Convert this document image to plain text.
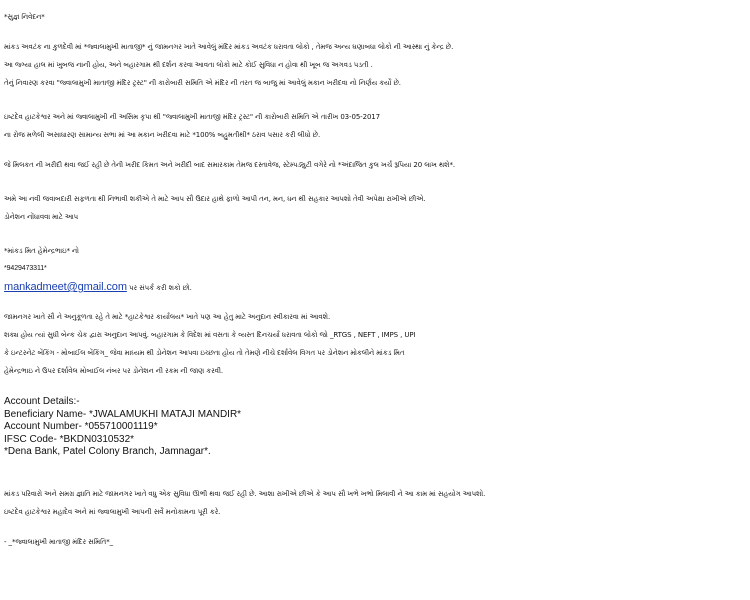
*સુજ્ઞ નિવેદન*
માંકડ અવટંક ના કુળદેવી માં *જ્વાલામુખી માતાજી* નું જામનગર ખાતે આવેલું મંદિર માંકડ અવટંક ધરાવતા લોકો , તેમજ અન્ય ઘણાબધા લોકો ની આસ્થા નું કેન્દ્ર છે.
આ જ્ગ્યા હાલ માં ખુબજ નાની હોય, અને બહારગામ થી દર્શન કરવા આવતા લોકો માટે કોઈ સુવિધા ન હોવા થી ખૂબ જ અગવડ પડતી .
તેનું નિવારણ કરવા "જ્વાલામુખી માતાજી મંદિર ટ્રસ્ટ" ની કારોબારી સમિતિ એ મંદિર ની તરત જ બાજુ માં આવેલું મકાન ખરીદવા નો નિર્ણય કર્યો છે.
ઇષ્ટદેવ હાટકેશ્વર અને માં જ્વાલામુખી ની અસિમ કૃપા થી "જ્વાલામુખી માતાજી મંદિર ટ્રસ્ટ" ની કારોબારી સમિતિ એ તારીખ 03-05-2017
ના રોજ મળેલી અસાધારણ સામાન્ય સભા માં આ મકાન ખરીદવા માટે *100% બહુમતીથી* ઠરાવ પસાર કરી લીધો છે.
જે મિલકત ની ખરીદી થવા જઈ રહી છે તેની ખરીદ કિમત અને ખરીદી બાદ સમારકામ તેમજ દસ્તાવેજ, સ્ટેમ્પડ્યુટી વગેરે નો *અંદાજિત કુલ ખર્ચ રૂપિયા 20 લાખ થશે*.
અમે આ નવી જવાબદારી સફળતા થી નિભાવી શકીએ તે માટે આપ સૌ ઉદાર હાથે ફાળો આપી તન, મન, ધન થી સહકાર આપશો તેવી અપેક્ષા રાખીએ છીએ.
ડોનેશન નોંધાવવા માટે આપ
*માંકડ મિત હેમેન્દ્રભાઇ* નો
*9429473311*
mankadmeet@gmail.com પર સંપર્ક કરી શકો છો.
જામનગર ખાતે સૌ ને અનુકૂળતા રહે તે માટે *હાટકેશ્વર કાર્યાલય* ખાતે પણ આ હેતુ માટે અનુદાન સ્વીકારવા માં આવશે.
શક્ય હોય ત્યાં સુધી બેન્ક ચેક દ્વારા અનુદાન આપવું. બહારગામ કે વિદેશ માં વસતા કે વ્યસ્ત દિનચર્યા ધરાવતા લોકો જો _RTGS , NEFT , IMPS , UPI
કે ઇન્ટરનેટ બેંકિંગ - મોબાઈલ બેંકિંગ_ જેવા માધ્યમ થી ડોનેશન આપવા ઇચ્છતા હોય તો તેમણે નીચે દર્શાવેલ વિગત પર ડોનેશન મોકલીને માંકડ મિત
હેમેન્દ્રભાઇ ને ઉપર દર્શાવેલ મોબાઈલ નંબર પર ડોનેશન ની રકમ ની જાણ કરવી.
Account Details:-
Beneficiary Name- *JWALAMUKHI MATAJI MANDIR*
Account Number- *055710001119*
IFSC Code- *BKDN0310532*
*Dena Bank, Patel Colony Branch, Jamnagar*.
માંકડ પરિવારો અને સમગ્ર જ્ઞાતિ માટે જામનગર ખાતે વધુ એક સુવિધા ઊભી થવા જઈ રહી છે. આશા રાખીએ છીએ કે આપ સૌ ખભે ખભો મિલાવી ને આ કામ માં સહયોગ આપશો.
ઇષ્ટદેવ હાટકેશ્વર મહાદેવ અને માં જ્વાલામુખી આપની સર્વે મનોકામના પૂરી કરે.
- _*જ્વાલામુખી માતાજી મંદિર સમિતિ*_
